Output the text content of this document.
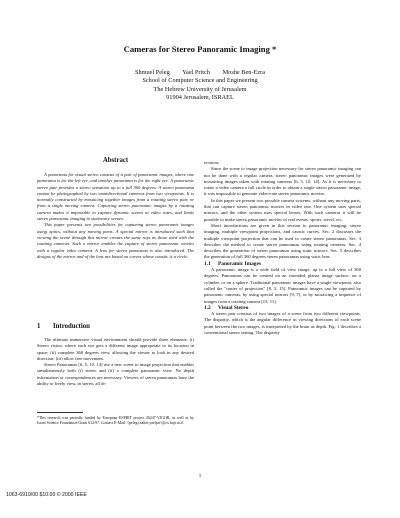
Cameras for Stereo Panoramic Imaging *
Shmuel Peleg        Yael Pritch        Moshe Ben-Ezra
School of Computer Science and Engineering
The Hebrew University of Jerusalem
91904 Jerusalem, ISRAEL
Abstract

A panorama for visual stereo consists of a pair of panoramic images, where one panorama is for the left eye, and another panorama is for the right eye. A panoramic stereo pair provides a stereo sensation up to a full 360 degrees. A stereo panorama cannot be photographed by two omnidirectional cameras from two viewpoints. It is normally constructed by mosaicing together images from a rotating stereo pair, or from a single moving camera. Capturing stereo panoramic images by a rotating camera makes it impossible to capture dynamic scenes at video rates, and limits stereo panoramic imaging to stationary scenes.

This paper presents two possibilities for capturing stereo panoramic images using optics, without any moving parts. A special mirror is introduced such that viewing the scene through this mirror creates the same rays as those used with the rotating cameras. Such a mirror enables the capture of stereo panoramic movies with a regular video camera. A lens for stereo panorama is also introduced. The designs of the mirror and of the lens are based on curves whose caustic is a circle.

1 Introduction

The ultimate immersive visual environment should provide three elements: (i) Stereo vision, where each eye gets a different image appropriate to its location in space; (ii) complete 360 degrees view, allowing the viewer to look in any desired direction; (iii) allow free movement.

Stereo Panoramas [6, 5, 10, 14] use a new scene to image projection that enables simultaneously both (i) stereo and (ii) a complete panoramic view. No depth information or correspondences are necessary. Viewers of stereo panoramas have the ability to freely view, in stereo, all di-

*This research was partially funded by European ESPRIT project 26247-VIGOR, as well as by Israel Science Foundation Grant 612/97. Contact E-Mail: {peleg,rnalter,yaelpri}@cs.huji.ac.il

rections.

Since the scene to image projection necessary for stereo panoramic imaging can not be done with a regular camera, stereo panoramic images were generated by mosaicing images taken with rotating cameras [6, 5, 10, 14]. As it is necessary to rotate a video camera a full circle in order to obtain a single stereo panoramic image, it was impossible to generate video-rate stereo panoramic movies.

In this paper we present two possible camera systems, without any moving parts, that can capture stereo panoramic movies in video rate. One system uses special mirrors, and the other system uses special lenses. With such cameras it will be possible to make stereo panoramic movies of real events: sports, travel, etc.

Short introductions are given in this section to panoramic imaging, stereo imaging, multiple viewpoint projections, and caustic curves. Sec. 2 discusses the multiple viewpoint projection that can be used to create stereo panoramas. Sec. 3 describes the method to create stereo panoramas using rotating cameras. Sec. 4 describes the generation of stereo panoramas using static mirrors. Sec. 5 describes the generation of full 360 degrees stereo panoramas using static lens.

1.1 Panoramic Images

A panoramic image is a wide field of view image, up to a full view of 360 degrees. Panoramas can be created on an extended planar image surface, on a cylinder, or on a sphere. Traditional panoramic images have a single viewpoint, also called the "center of projection" [8, 3, 15]. Panoramic images can be captured by panoramic cameras, by using special mirrors [9, 7], or by mosaicing a sequence of images from a rotating camera [15, 11].

1.2 Visual Stereo

A stereo pair consists of two images of a scene from two different viewpoints. The disparity, which is the angular difference in viewing directions of each scene point between the two images, is interpreted by the brain as depth. Fig. 1 describes a conventional stereo setting. The disparity

1
1063-6919/00 $10.00 © 2000 IEEE
